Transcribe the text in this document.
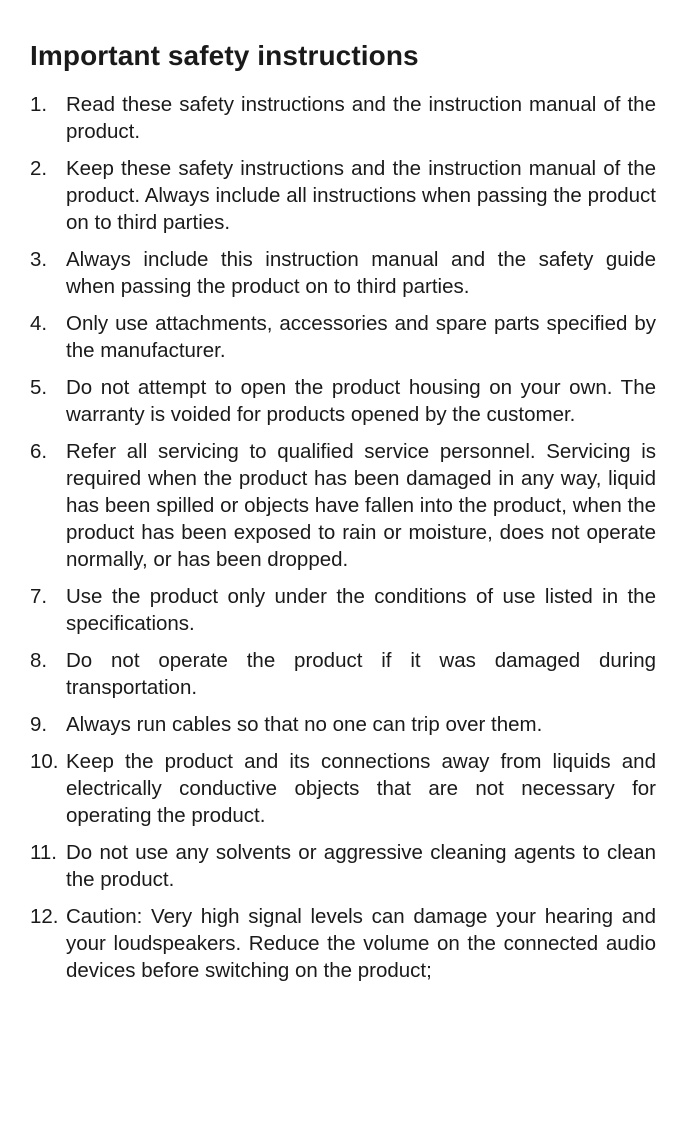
Important safety instructions
1. Read these safety instructions and the instruction manual of the product.
2. Keep these safety instructions and the instruction manual of the product. Always include all instructions when passing the product on to third parties.
3. Always include this instruction manual and the safety guide when passing the product on to third parties.
4. Only use attachments, accessories and spare parts specified by the manufacturer.
5. Do not attempt to open the product housing on your own. The warranty is voided for products opened by the customer.
6. Refer all servicing to qualified service personnel. Servicing is required when the product has been damaged in any way, liquid has been spilled or objects have fallen into the product, when the product has been exposed to rain or moisture, does not operate normally, or has been dropped.
7. Use the product only under the conditions of use listed in the specifications.
8. Do not operate the product if it was damaged during transportation.
9. Always run cables so that no one can trip over them.
10. Keep the product and its connections away from liquids and electrically conductive objects that are not necessary for operating the product.
11. Do not use any solvents or aggressive cleaning agents to clean the product.
12. Caution: Very high signal levels can damage your hearing and your loudspeakers. Reduce the volume on the connected audio devices before switching on the product;
